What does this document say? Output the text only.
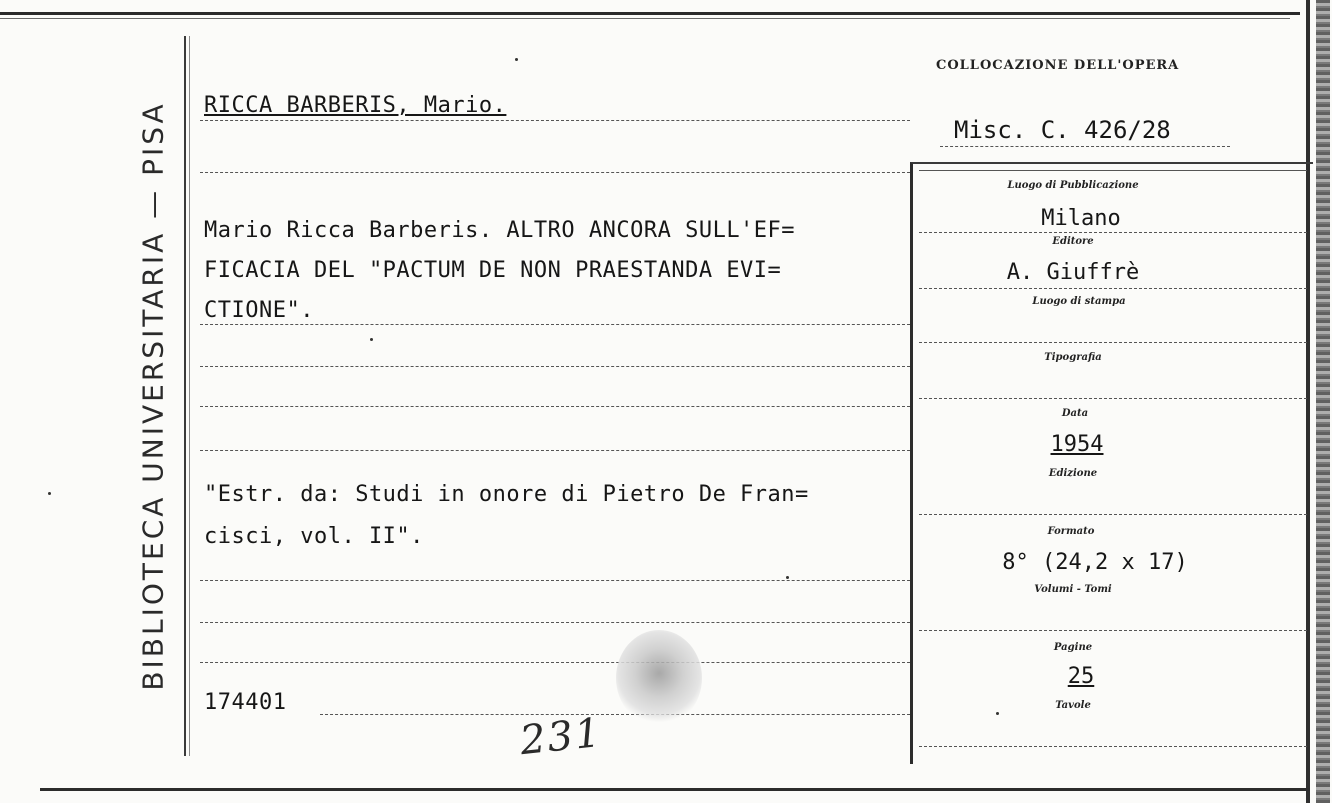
BIBLIOTECA UNIVERSITARIA — PISA
COLLOCAZIONE DELL'OPERA
Misc. C. 426/28
RICCA BARBERIS, Mario.
Mario Ricca Barberis. ALTRO ANCORA SULL'EF=
FICACIA DEL "PACTUM DE NON PRAESTANDA EVI=
CTIONE".
"Estr. da: Studi in onore di Pietro De Fran=
cisci, vol. II".
174401
231
Luogo di Pubblicazione
Milano
Editore
A. Giuffrè
Luogo di stampa
Tipografia
Data
1954
Edizione
Formato
8° (24,2 x 17)
Volumi - Tomi
Pagine
25
Tavole
